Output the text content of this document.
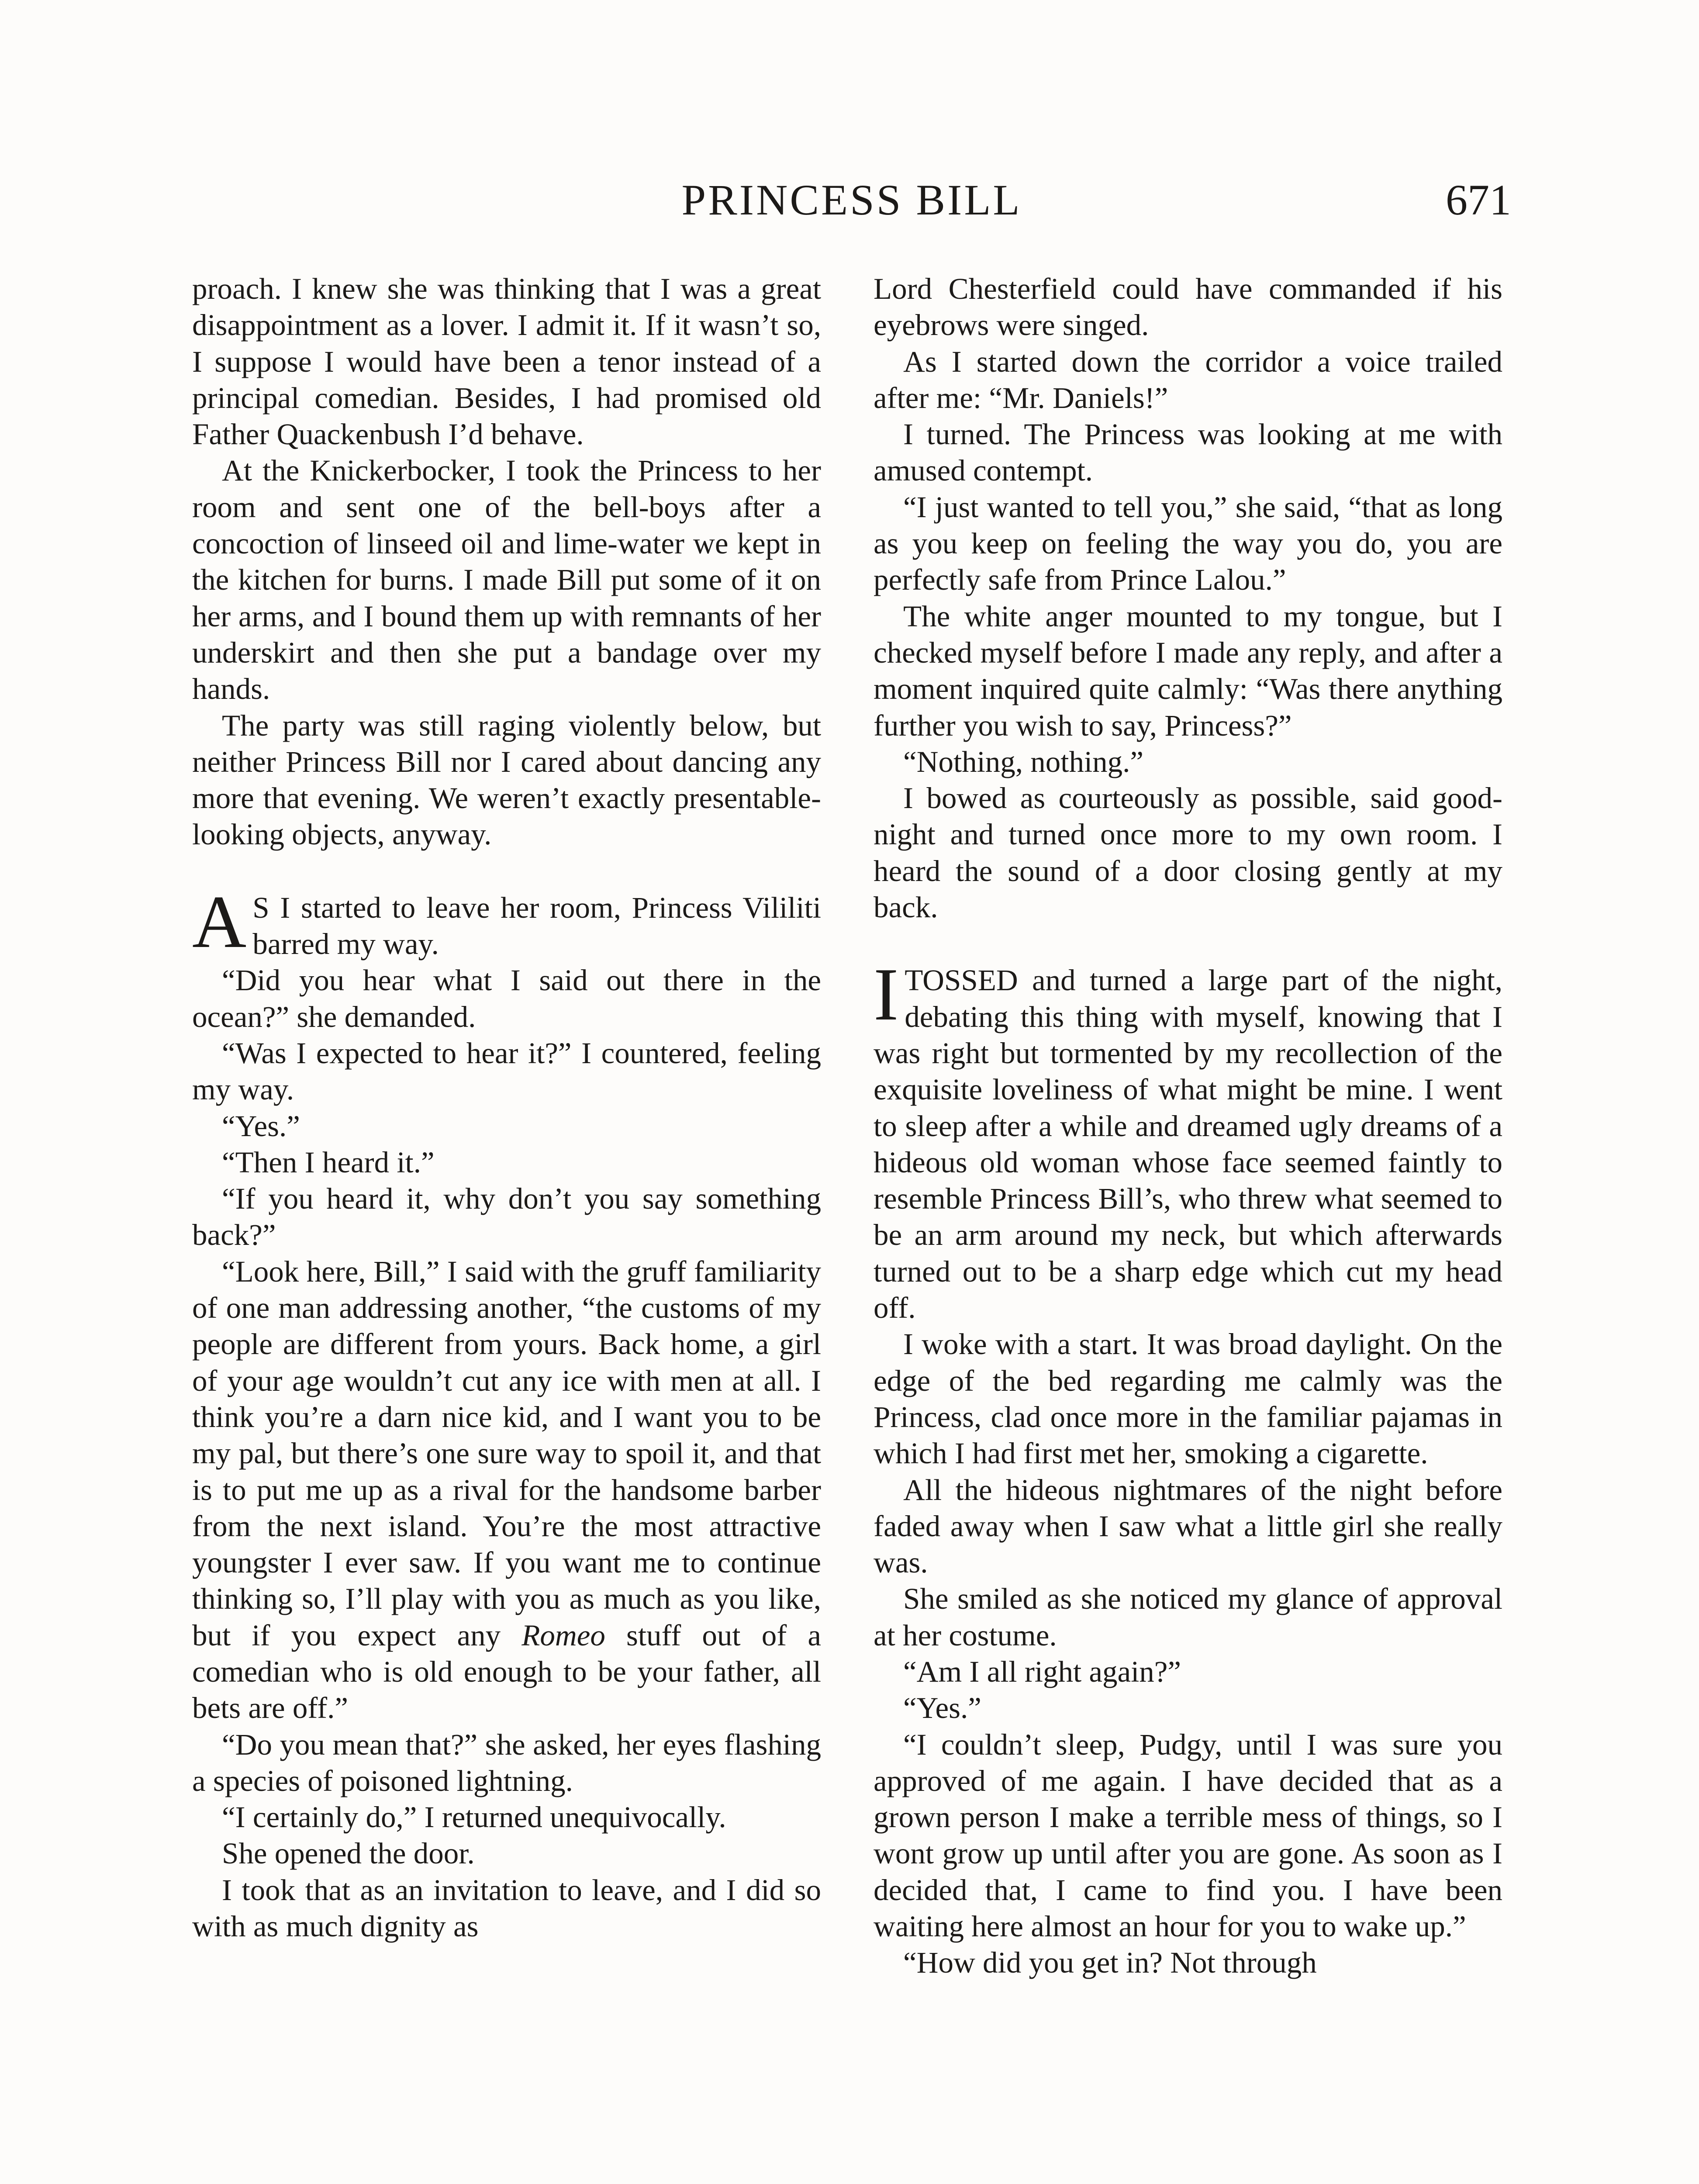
PRINCESS BILL	671

proach. I knew she was thinking that I was a great disappointment as a lover. I admit it. If it wasn’t so, I suppose I would have been a tenor instead of a principal comedian. Besides, I had promised old Father Quackenbush I’d behave.

At the Knickerbocker, I took the Princess to her room and sent one of the bell-boys after a concoction of linseed oil and lime-water we kept in the kitchen for burns. I made Bill put some of it on her arms, and I bound them up with remnants of her underskirt and then she put a bandage over my hands.

The party was still raging violently below, but neither Princess Bill nor I cared about dancing any more that evening. We weren’t exactly presentable-looking objects, anyway.

A S I started to leave her room, Princess Vililiti barred my way.

“Did you hear what I said out there in the ocean?” she demanded.

“Was I expected to hear it?” I countered, feeling my way.

“Yes.”

“Then I heard it.”

“If you heard it, why don’t you say something back?”

“Look here, Bill,” I said with the gruff familiarity of one man addressing another, “the customs of my people are different from yours. Back home, a girl of your age wouldn’t cut any ice with men at all. I think you’re a darn nice kid, and I want you to be my pal, but there’s one sure way to spoil it, and that is to put me up as a rival for the handsome barber from the next island. You’re the most attractive youngster I ever saw. If you want me to continue thinking so, I’ll play with you as much as you like, but if you expect any Romeo stuff out of a comedian who is old enough to be your father, all bets are off.”

“Do you mean that?” she asked, her eyes flashing a species of poisoned lightning.

“I certainly do,” I returned unequivocally.

She opened the door.

I took that as an invitation to leave, and I did so with as much dignity as

Lord Chesterfield could have commanded if his eyebrows were singed.

As I started down the corridor a voice trailed after me: “Mr. Daniels!”

I turned. The Princess was looking at me with amused contempt.

“I just wanted to tell you,” she said, “that as long as you keep on feeling the way you do, you are perfectly safe from Prince Lalou.”

The white anger mounted to my tongue, but I checked myself before I made any reply, and after a moment inquired quite calmly: “Was there anything further you wish to say, Princess?”

“Nothing, nothing.”

I bowed as courteously as possible, said good-night and turned once more to my own room. I heard the sound of a door closing gently at my back.

I TOSSED and turned a large part of the night, debating this thing with myself, knowing that I was right but tormented by my recollection of the exquisite loveliness of what might be mine. I went to sleep after a while and dreamed ugly dreams of a hideous old woman whose face seemed faintly to resemble Princess Bill’s, who threw what seemed to be an arm around my neck, but which afterwards turned out to be a sharp edge which cut my head off.

I woke with a start. It was broad daylight. On the edge of the bed regarding me calmly was the Princess, clad once more in the familiar pajamas in which I had first met her, smoking a cigarette.

All the hideous nightmares of the night before faded away when I saw what a little girl she really was.

She smiled as she noticed my glance of approval at her costume.

“Am I all right again?”

“Yes.”

“I couldn’t sleep, Pudgy, until I was sure you approved of me again. I have decided that as a grown person I make a terrible mess of things, so I wont grow up until after you are gone. As soon as I decided that, I came to find you. I have been waiting here almost an hour for you to wake up.”

“How did you get in? Not through
